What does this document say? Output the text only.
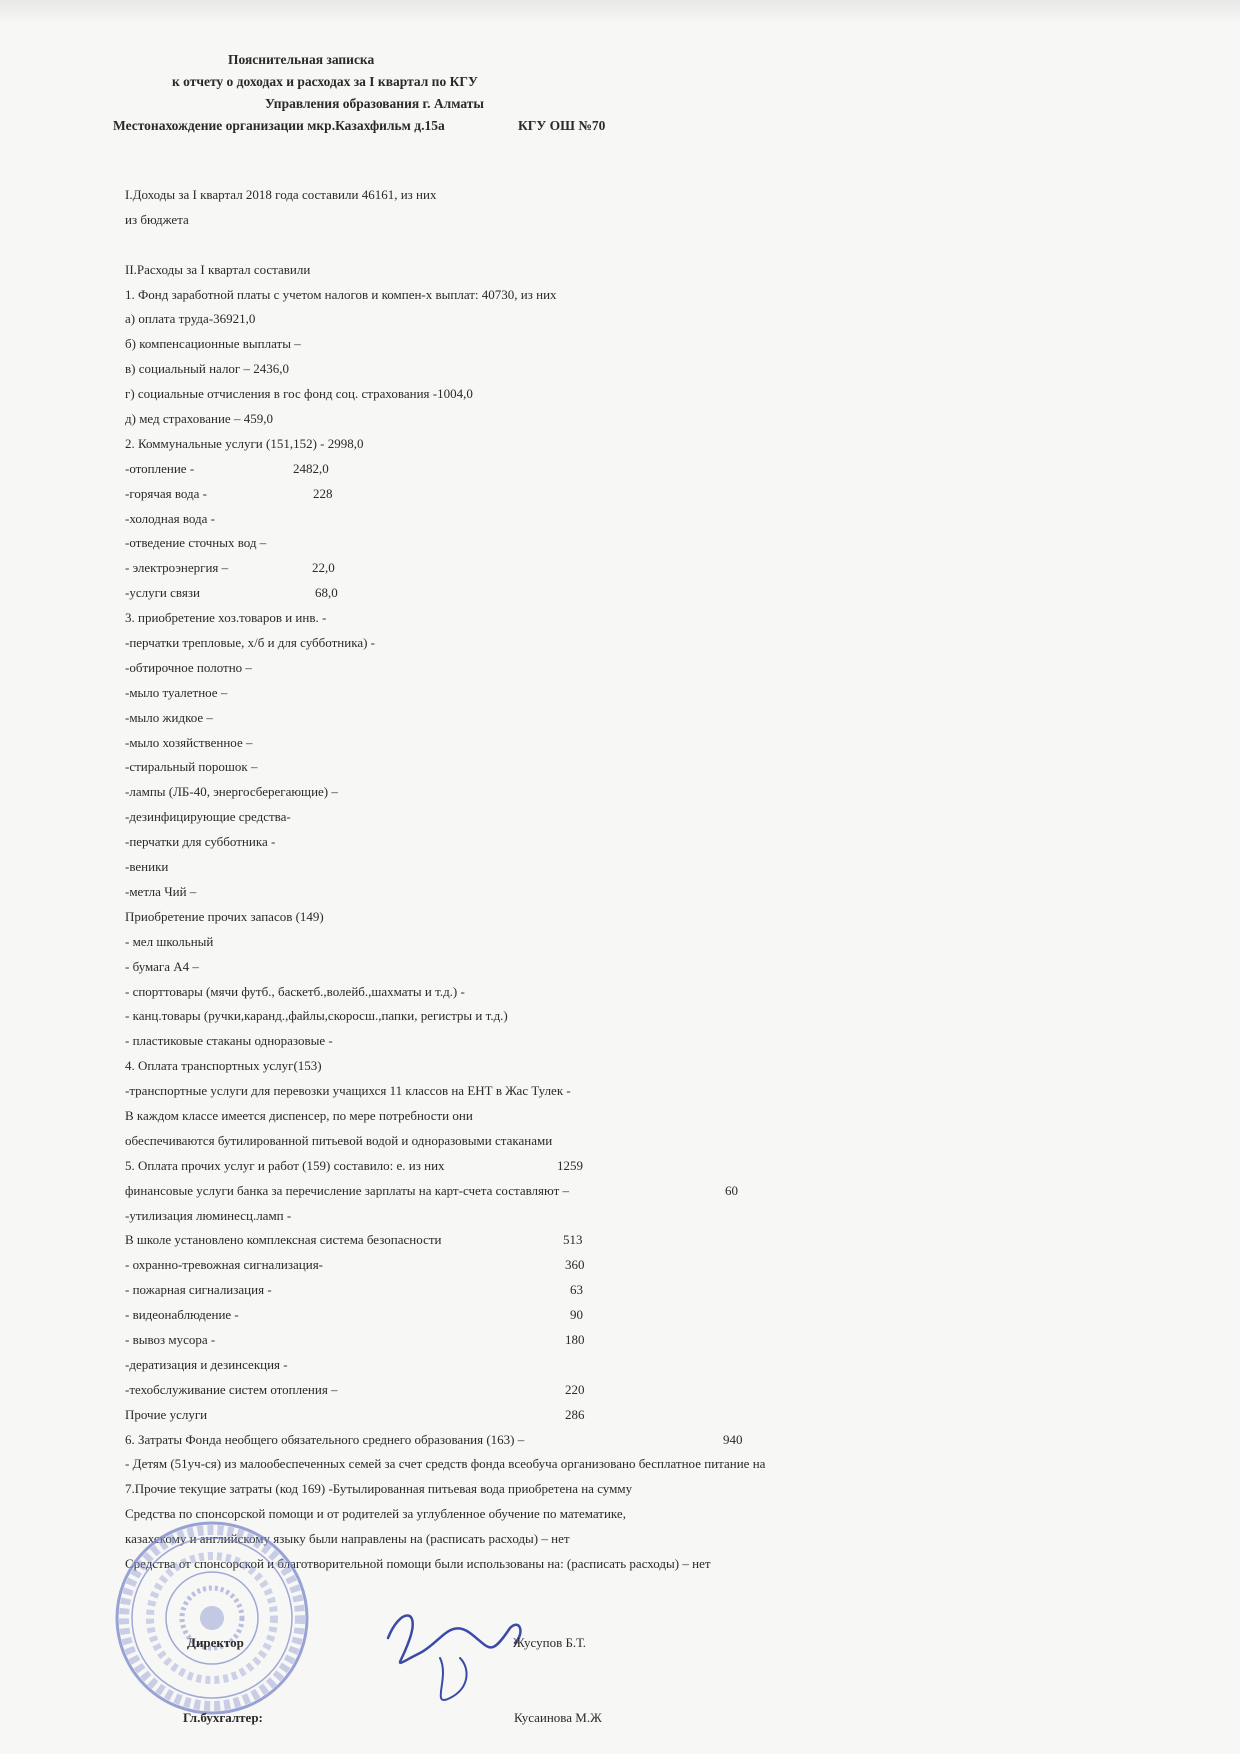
Пояснительная записка
к отчету о доходах и расходах за I квартал по КГУ
Управления образования г. Алматы
Местонахождение организации мкр.Казахфильм д.15а	КГУ ОШ №70
I.Доходы за I квартал 2018 года составили 46161, из них
из бюджета
II.Расходы за I квартал составили
1. Фонд заработной платы с учетом налогов и компен-х выплат: 40730, из них
а) оплата труда-36921,0
б) компенсационные выплаты –
в) социальный налог – 2436,0
г) социальные отчисления в гос фонд соц. страхования -1004,0
д) мед страхование – 459,0
2. Коммунальные услуги (151,152) - 2998,0
-отопление -	2482,0
-горячая вода -	228
-холодная вода -
-отведение сточных вод –
- электроэнергия –	22,0
-услуги связи	68,0
3. приобретение хоз.товаров и инв. -
-перчатки трепловые, х/б и для субботника) -
-обтирочное полотно –
-мыло туалетное –
-мыло жидкое –
-мыло хозяйственное –
-стиральный порошок –
-лампы (ЛБ-40, энергосберегающие) –
-дезинфицирующие средства-
-перчатки для субботника -
-веники
-метла Чий –
Приобретение прочих запасов (149)
- мел школьный
- бумага А4 –
- спорттовары (мячи футб., баскетб.,волейб.,шахматы и т.д.) -
- канц.товары (ручки,каранд.,файлы,скоросш.,папки, регистры и т.д.)
- пластиковые стаканы одноразовые -
4. Оплата транспортных услуг(153)
-транспортные услуги для перевозки учащихся 11 классов на ЕНТ в Жас Тулек -
В каждом классе имеется диспенсер, по мере потребности они
обеспечиваются бутилированной питьевой водой и одноразовыми стаканами
5. Оплата прочих услуг и работ (159) составило: е. из них	1259
финансовые услуги банка за перечисление зарплаты на карт-счета составляют –	60
-утилизация люминесц.ламп -
В школе установлено комплексная система безопасности	513
- охранно-тревожная сигнализация-	360
- пожарная сигнализация -	63
- видеонаблюдение -	90
- вывоз мусора -	180
-дератизация и дезинсекция -
-техобслуживание систем отопления –	220
Прочие услуги	286
6. Затраты Фонда необщего обязательного среднего образования (163) –	940
- Детям (51уч-ся) из малообеспеченных семей за счет средств фонда всеобуча организовано бесплатное питание на
7.Прочие текущие затраты (код 169) -Бутылированная питьевая вода приобретена на сумму
Средства по спонсорской помощи и от родителей за углубленное обучение по математике,
казахскому и английскому языку были направлены на (расписать расходы) – нет
Средства от спонсорской и благотворительной помощи были использованы на: (расписать расходы) – нет
Директор	Жусупов Б.Т.
Гл.бухгалтер:	Кусаинова М.Ж
